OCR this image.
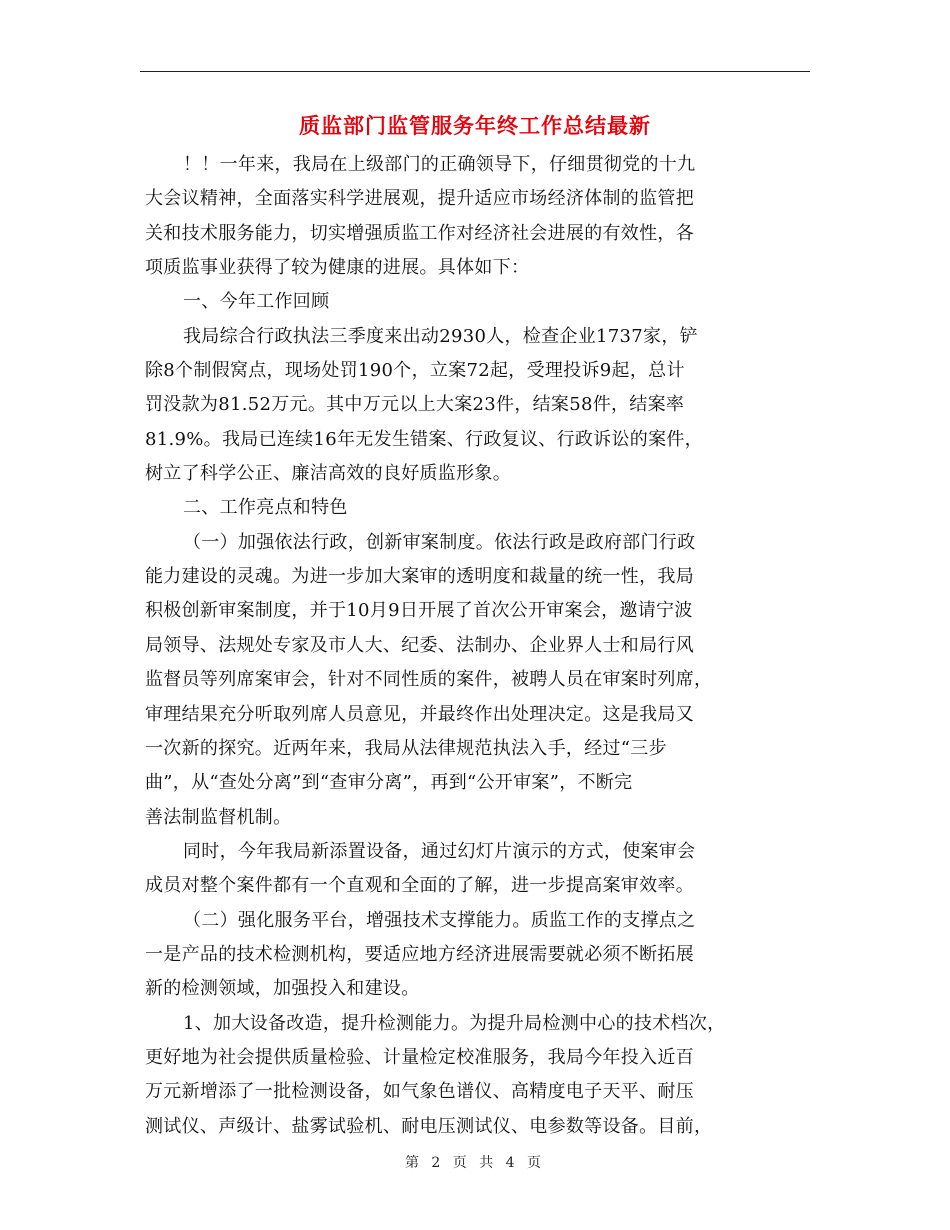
质监部门监管服务年终工作总结最新
！！一年来，我局在上级部门的正确领导下，仔细贯彻党的十九
大会议精神，全面落实科学进展观，提升适应市场经济体制的监管把
关和技术服务能力，切实增强质监工作对经济社会进展的有效性，各
项质监事业获得了较为健康的进展。具体如下：
一、今年工作回顾
我局综合行政执法三季度来出动2930人，检查企业1737家，铲
除8个制假窝点，现场处罚190个，立案72起，受理投诉9起，总计
罚没款为81.52万元。其中万元以上大案23件，结案58件，结案率
81.9%。我局已连续16年无发生错案、行政复议、行政诉讼的案件，
树立了科学公正、廉洁高效的良好质监形象。
二、工作亮点和特色
（一）加强依法行政，创新审案制度。依法行政是政府部门行政
能力建设的灵魂。为进一步加大案审的透明度和裁量的统一性，我局
积极创新审案制度，并于10月9日开展了首次公开审案会，邀请宁波
局领导、法规处专家及市人大、纪委、法制办、企业界人士和局行风
监督员等列席案审会，针对不同性质的案件，被聘人员在审案时列席，
审理结果充分听取列席人员意见，并最终作出处理决定。这是我局又
一次新的探究。近两年来，我局从法律规范执法入手，经过“三步
曲”，从“查处分离”到“查审分离”，再到“公开审案”，不断完
善法制监督机制。
同时，今年我局新添置设备，通过幻灯片演示的方式，使案审会
成员对整个案件都有一个直观和全面的了解，进一步提高案审效率。
（二）强化服务平台，增强技术支撑能力。质监工作的支撑点之
一是产品的技术检测机构，要适应地方经济进展需要就必须不断拓展
新的检测领域，加强投入和建设。
1、加大设备改造，提升检测能力。为提升局检测中心的技术档次，
更好地为社会提供质量检验、计量检定校准服务，我局今年投入近百
万元新增添了一批检测设备，如气象色谱仪、高精度电子天平、耐压
测试仪、声级计、盐雾试验机、耐电压测试仪、电参数等设备。目前，
第 2 页 共 4 页
